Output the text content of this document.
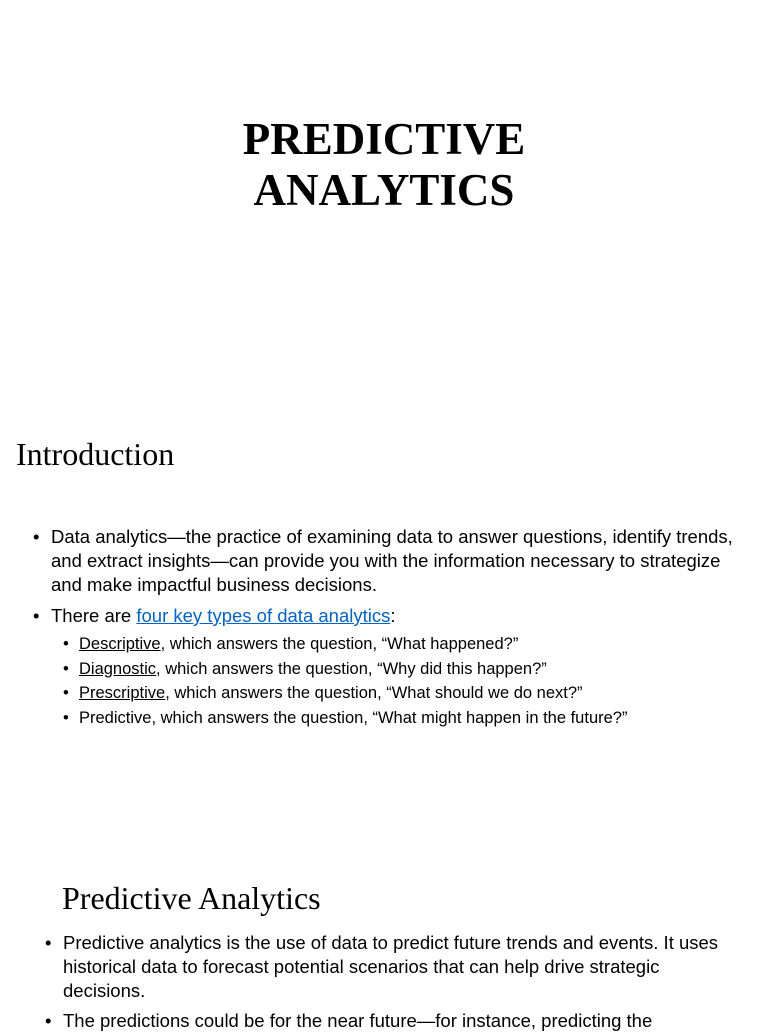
PREDICTIVE
ANALYTICS
Introduction
• Data analytics—the practice of examining data to answer questions, identify trends, and extract insights—can provide you with the information necessary to strategize and make impactful business decisions.
• There are four key types of data analytics:
• Descriptive, which answers the question, “What happened?”
• Diagnostic, which answers the question, “Why did this happen?”
• Prescriptive, which answers the question, “What should we do next?”
• Predictive, which answers the question, “What might happen in the future?”
Predictive Analytics
• Predictive analytics is the use of data to predict future trends and events. It uses historical data to forecast potential scenarios that can help drive strategic decisions.
• The predictions could be for the near future—for instance, predicting the
